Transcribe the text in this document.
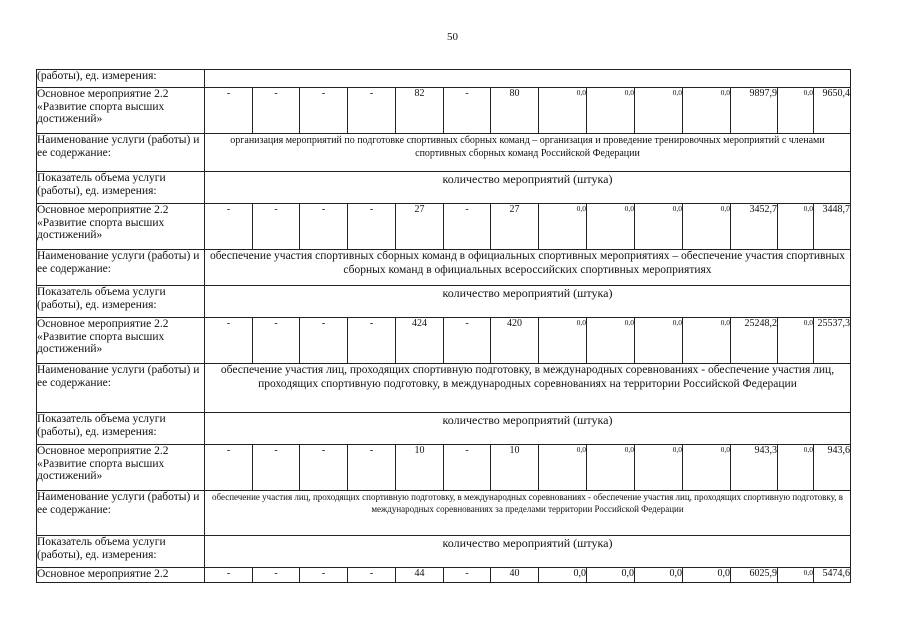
50
(работы), ед. измерения:														
Основное мероприятие 2.2 «Развитие спорта высших достижений»	-	-	-	-	82	-	80	0,0	0,0	0,0	0,0	9897,9	0,0	9650,4
Наименование услуги (работы) и ее содержание:	организация мероприятий по подготовке спортивных сборных команд – организация и проведение тренировочных мероприятий с членами спортивных сборных команд Российской Федерации													
Показатель объема услуги (работы), ед. измерения:	количество мероприятий (штука)													
Основное мероприятие 2.2 «Развитие спорта высших достижений»	-	-	-	-	27	-	27	0,0	0,0	0,0	0,0	3452,7	0,0	3448,7
Наименование услуги (работы) и ее содержание:	обеспечение участия спортивных сборных команд в официальных спортивных мероприятиях – обеспечение участия спортивных сборных команд в официальных всероссийских спортивных мероприятиях													
Показатель объема услуги (работы), ед. измерения:	количество мероприятий (штука)													
Основное мероприятие 2.2 «Развитие спорта высших достижений»	-	-	-	-	424	-	420	0,0	0,0	0,0	0,0	25248,2	0,0	25537,3
Наименование услуги (работы) и ее содержание:	обеспечение участия лиц, проходящих спортивную подготовку, в международных соревнованиях - обеспечение участия лиц, проходящих спортивную подготовку, в международных соревнованиях на территории Российской Федерации													
Показатель объема услуги (работы), ед. измерения:	количество мероприятий (штука)													
Основное мероприятие 2.2 «Развитие спорта высших достижений»	-	-	-	-	10	-	10	0,0	0,0	0,0	0,0	943,3	0,0	943,6
Наименование услуги (работы) и ее содержание:	обеспечение участия лиц, проходящих спортивную подготовку, в международных соревнованиях - обеспечение участия лиц, проходящих спортивную подготовку, в международных соревнованиях за пределами территории Российской Федерации													
Показатель объема услуги (работы), ед. измерения:	количество мероприятий (штука)													
Основное мероприятие 2.2	-	-	-	-	44	-	40	0,0	0,0	0,0	0,0	6025,9	0,0	5474,6
